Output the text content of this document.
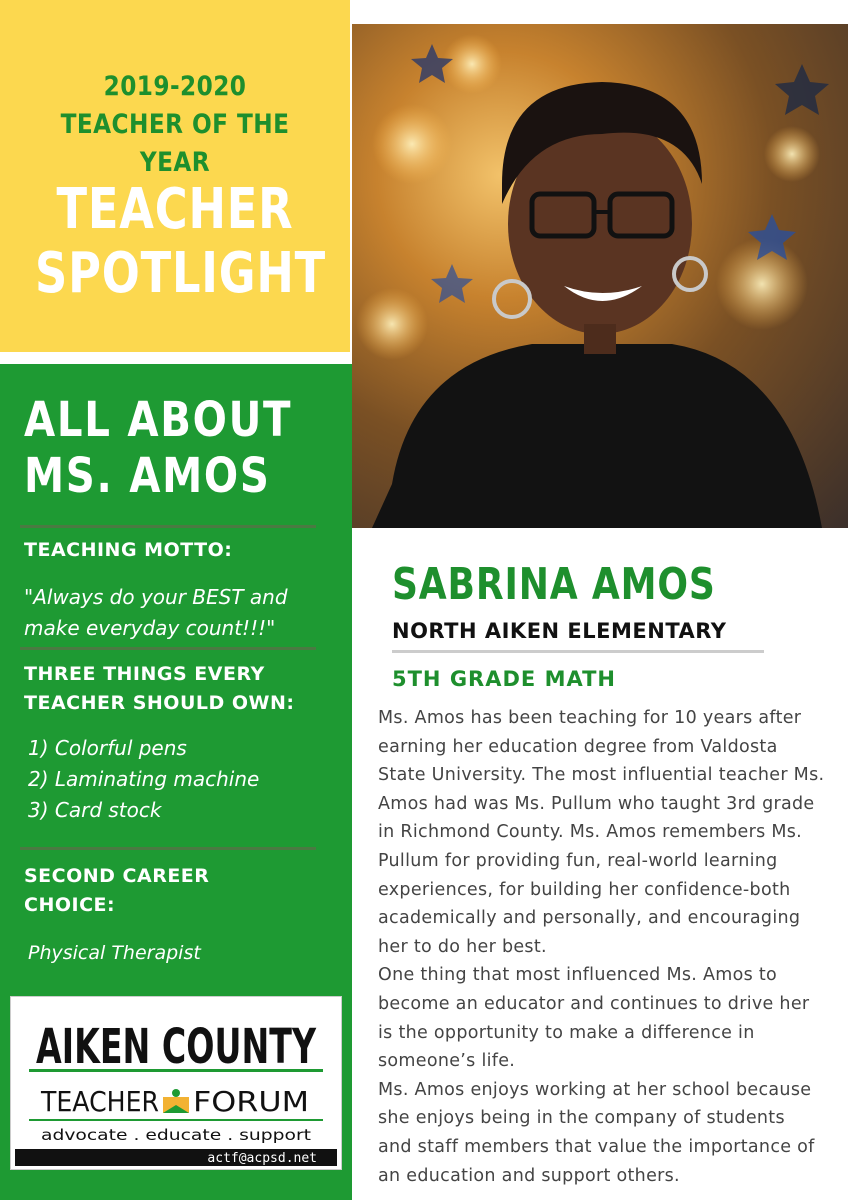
2019-2020
TEACHER OF THE YEAR
TEACHER
SPOTLIGHT
ALL ABOUT
MS. AMOS
TEACHING MOTTO:
"Always do your BEST and
make everyday count!!!"
THREE THINGS EVERY
TEACHER SHOULD OWN:
1) Colorful pens
2) Laminating machine
3) Card stock
SECOND CAREER
CHOICE:
Physical Therapist
AIKEN COUNTY
TEACHER FORUM
advocate . educate . support
actf@acpsd.net
SABRINA AMOS
NORTH AIKEN ELEMENTARY
5TH GRADE MATH

Ms. Amos has been teaching for 10 years after

earning her education degree from Valdosta

State University. The most influential teacher Ms.

Amos had was Ms. Pullum who taught 3rd grade

in Richmond County. Ms. Amos remembers Ms.

Pullum for providing fun, real-world learning

experiences, for building her confidence-both

academically and personally, and encouraging

her to do her best.

One thing that most influenced Ms. Amos to

become an educator and continues to drive her

is the opportunity to make a difference in

someone’s life.

Ms. Amos enjoys working at her school because

she enjoys being in the company of students

and staff members that value the importance of

an education and support others.
